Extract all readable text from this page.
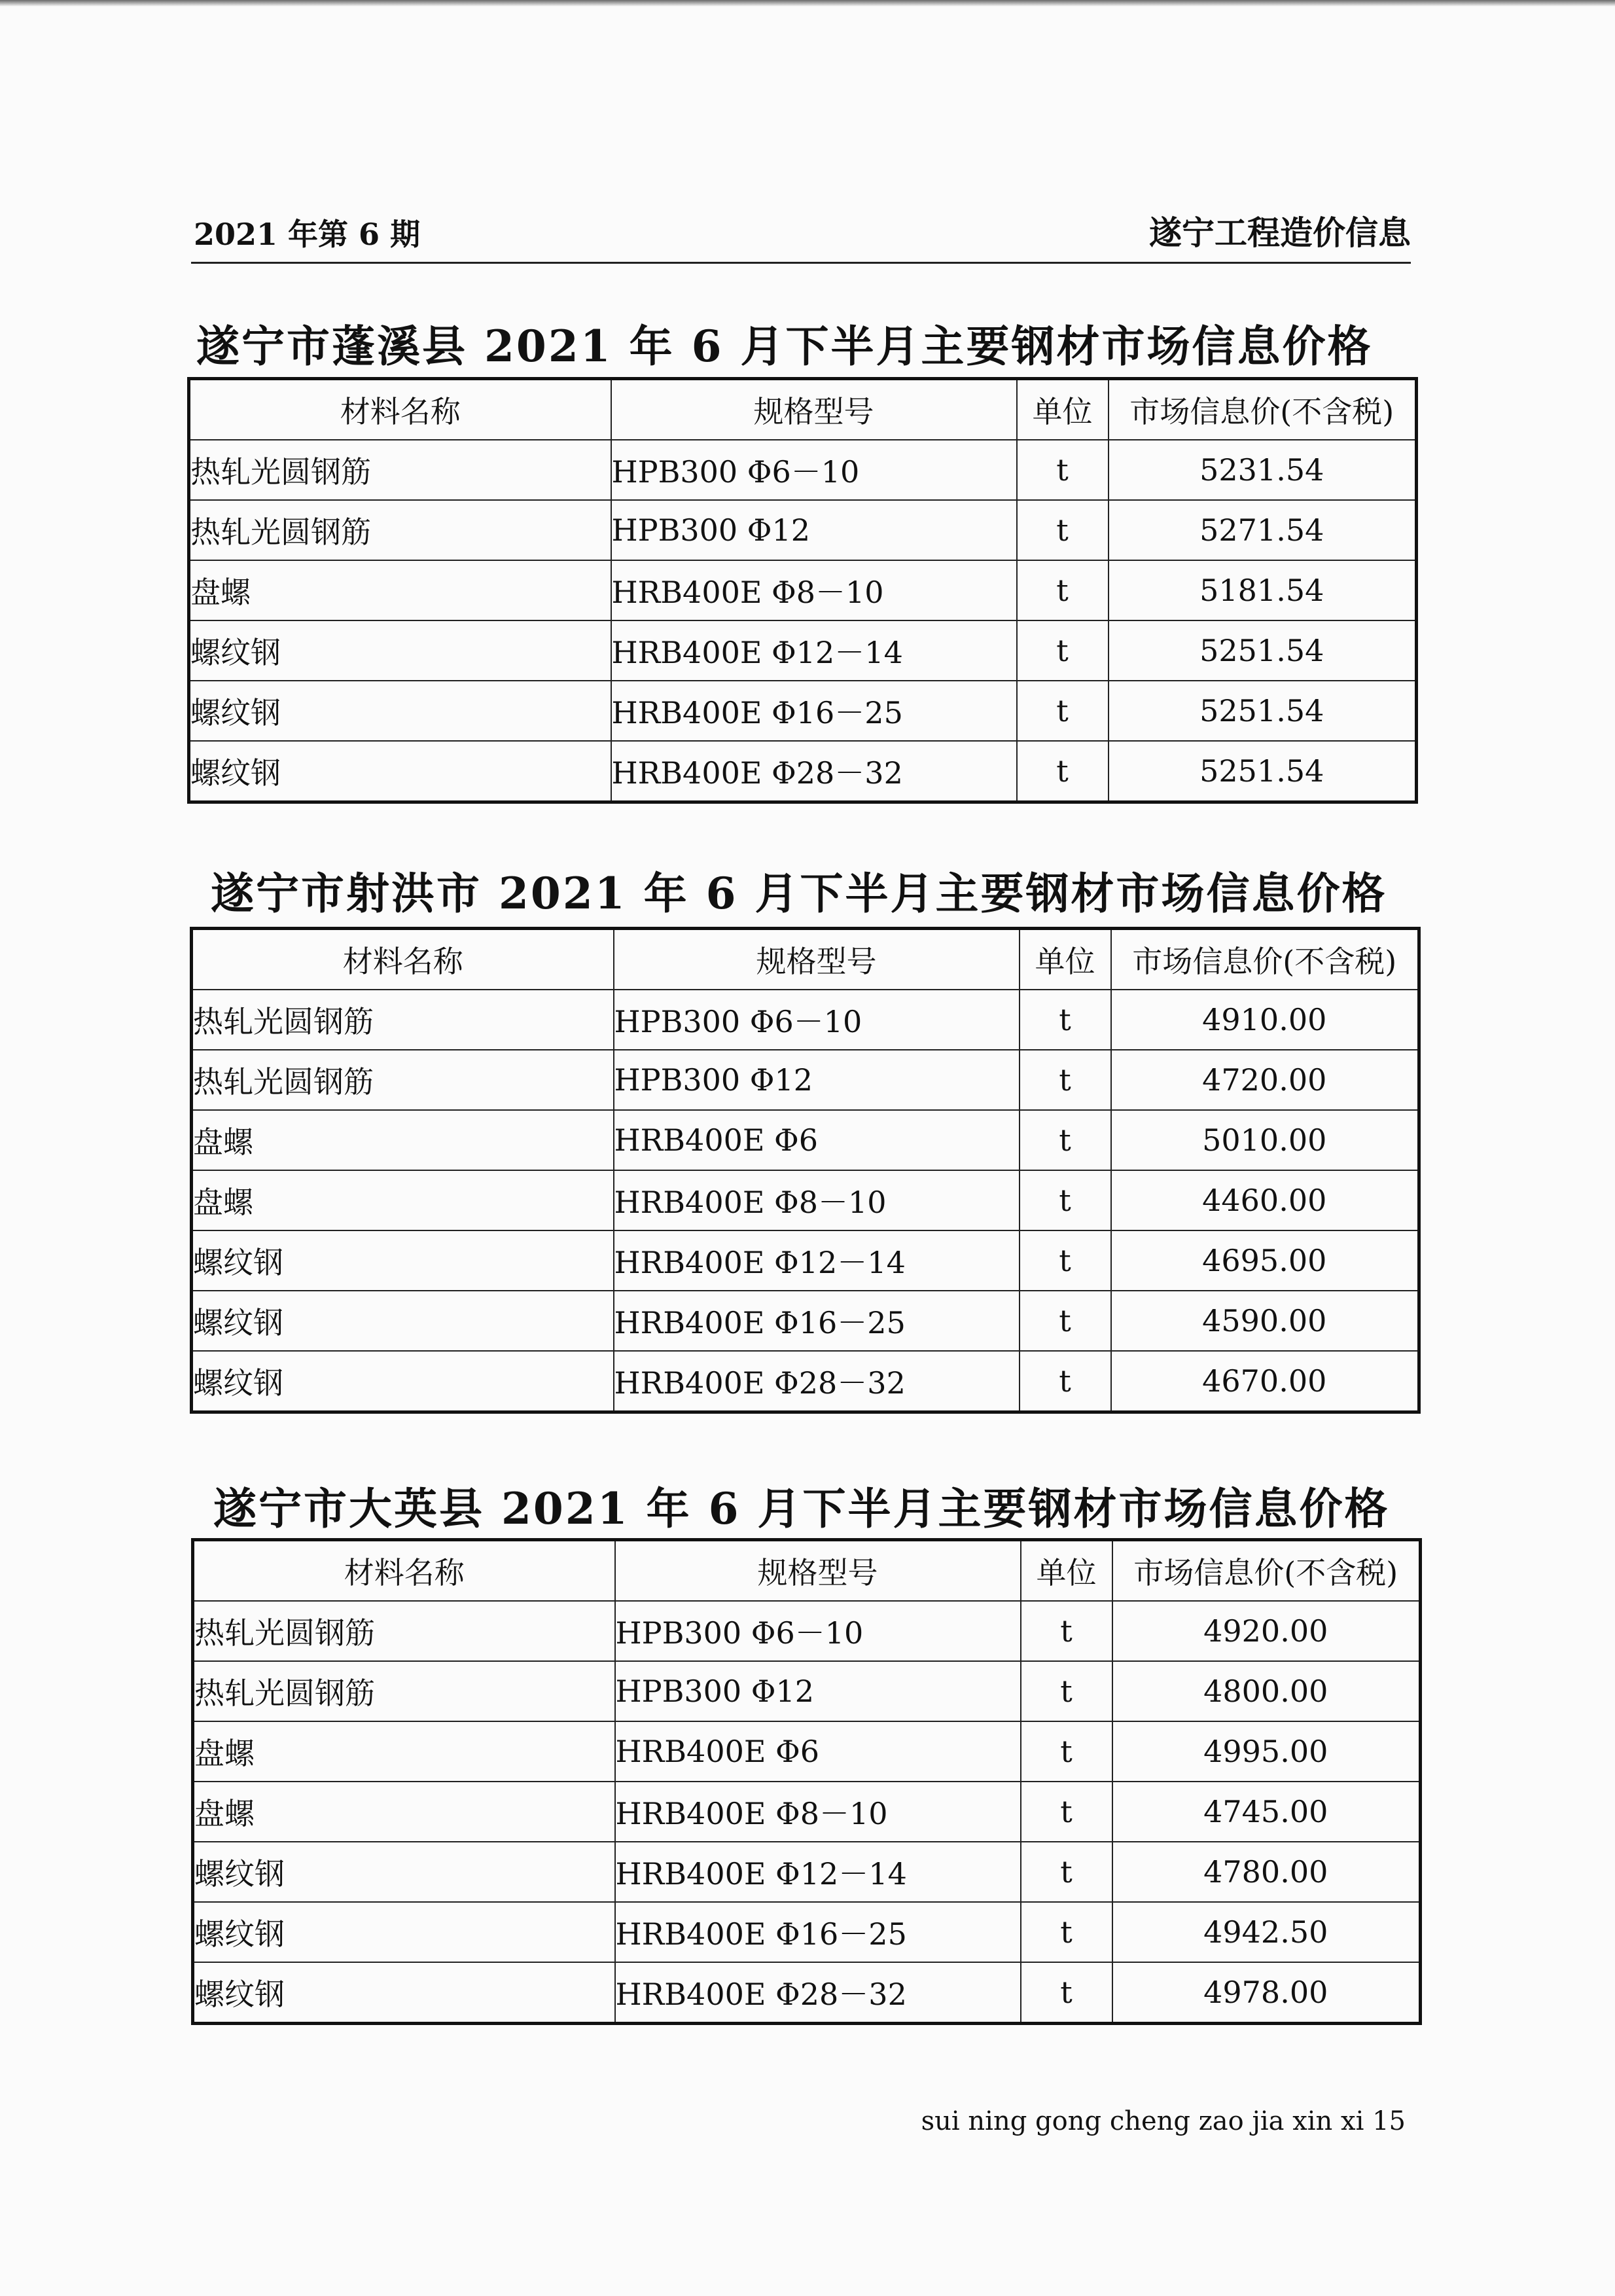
2021 年第 6 期	遂宁工程造价信息
遂宁市蓬溪县 2021 年 6 月下半月主要钢材市场信息价格
材料名称	规格型号	单位	市场信息价(不含税)
热轧光圆钢筋	HPB300 Φ6－10	t	5231.54
热轧光圆钢筋	HPB300 Φ12	t	5271.54
盘螺	HRB400E Φ8－10	t	5181.54
螺纹钢	HRB400E Φ12－14	t	5251.54
螺纹钢	HRB400E Φ16－25	t	5251.54
螺纹钢	HRB400E Φ28－32	t	5251.54
遂宁市射洪市 2021 年 6 月下半月主要钢材市场信息价格
材料名称	规格型号	单位	市场信息价(不含税)
热轧光圆钢筋	HPB300 Φ6－10	t	4910.00
热轧光圆钢筋	HPB300 Φ12	t	4720.00
盘螺	HRB400E Φ6	t	5010.00
盘螺	HRB400E Φ8－10	t	4460.00
螺纹钢	HRB400E Φ12－14	t	4695.00
螺纹钢	HRB400E Φ16－25	t	4590.00
螺纹钢	HRB400E Φ28－32	t	4670.00
遂宁市大英县 2021 年 6 月下半月主要钢材市场信息价格
材料名称	规格型号	单位	市场信息价(不含税)
热轧光圆钢筋	HPB300 Φ6－10	t	4920.00
热轧光圆钢筋	HPB300 Φ12	t	4800.00
盘螺	HRB400E Φ6	t	4995.00
盘螺	HRB400E Φ8－10	t	4745.00
螺纹钢	HRB400E Φ12－14	t	4780.00
螺纹钢	HRB400E Φ16－25	t	4942.50
螺纹钢	HRB400E Φ28－32	t	4978.00
sui ning gong cheng zao jia xin xi 15
